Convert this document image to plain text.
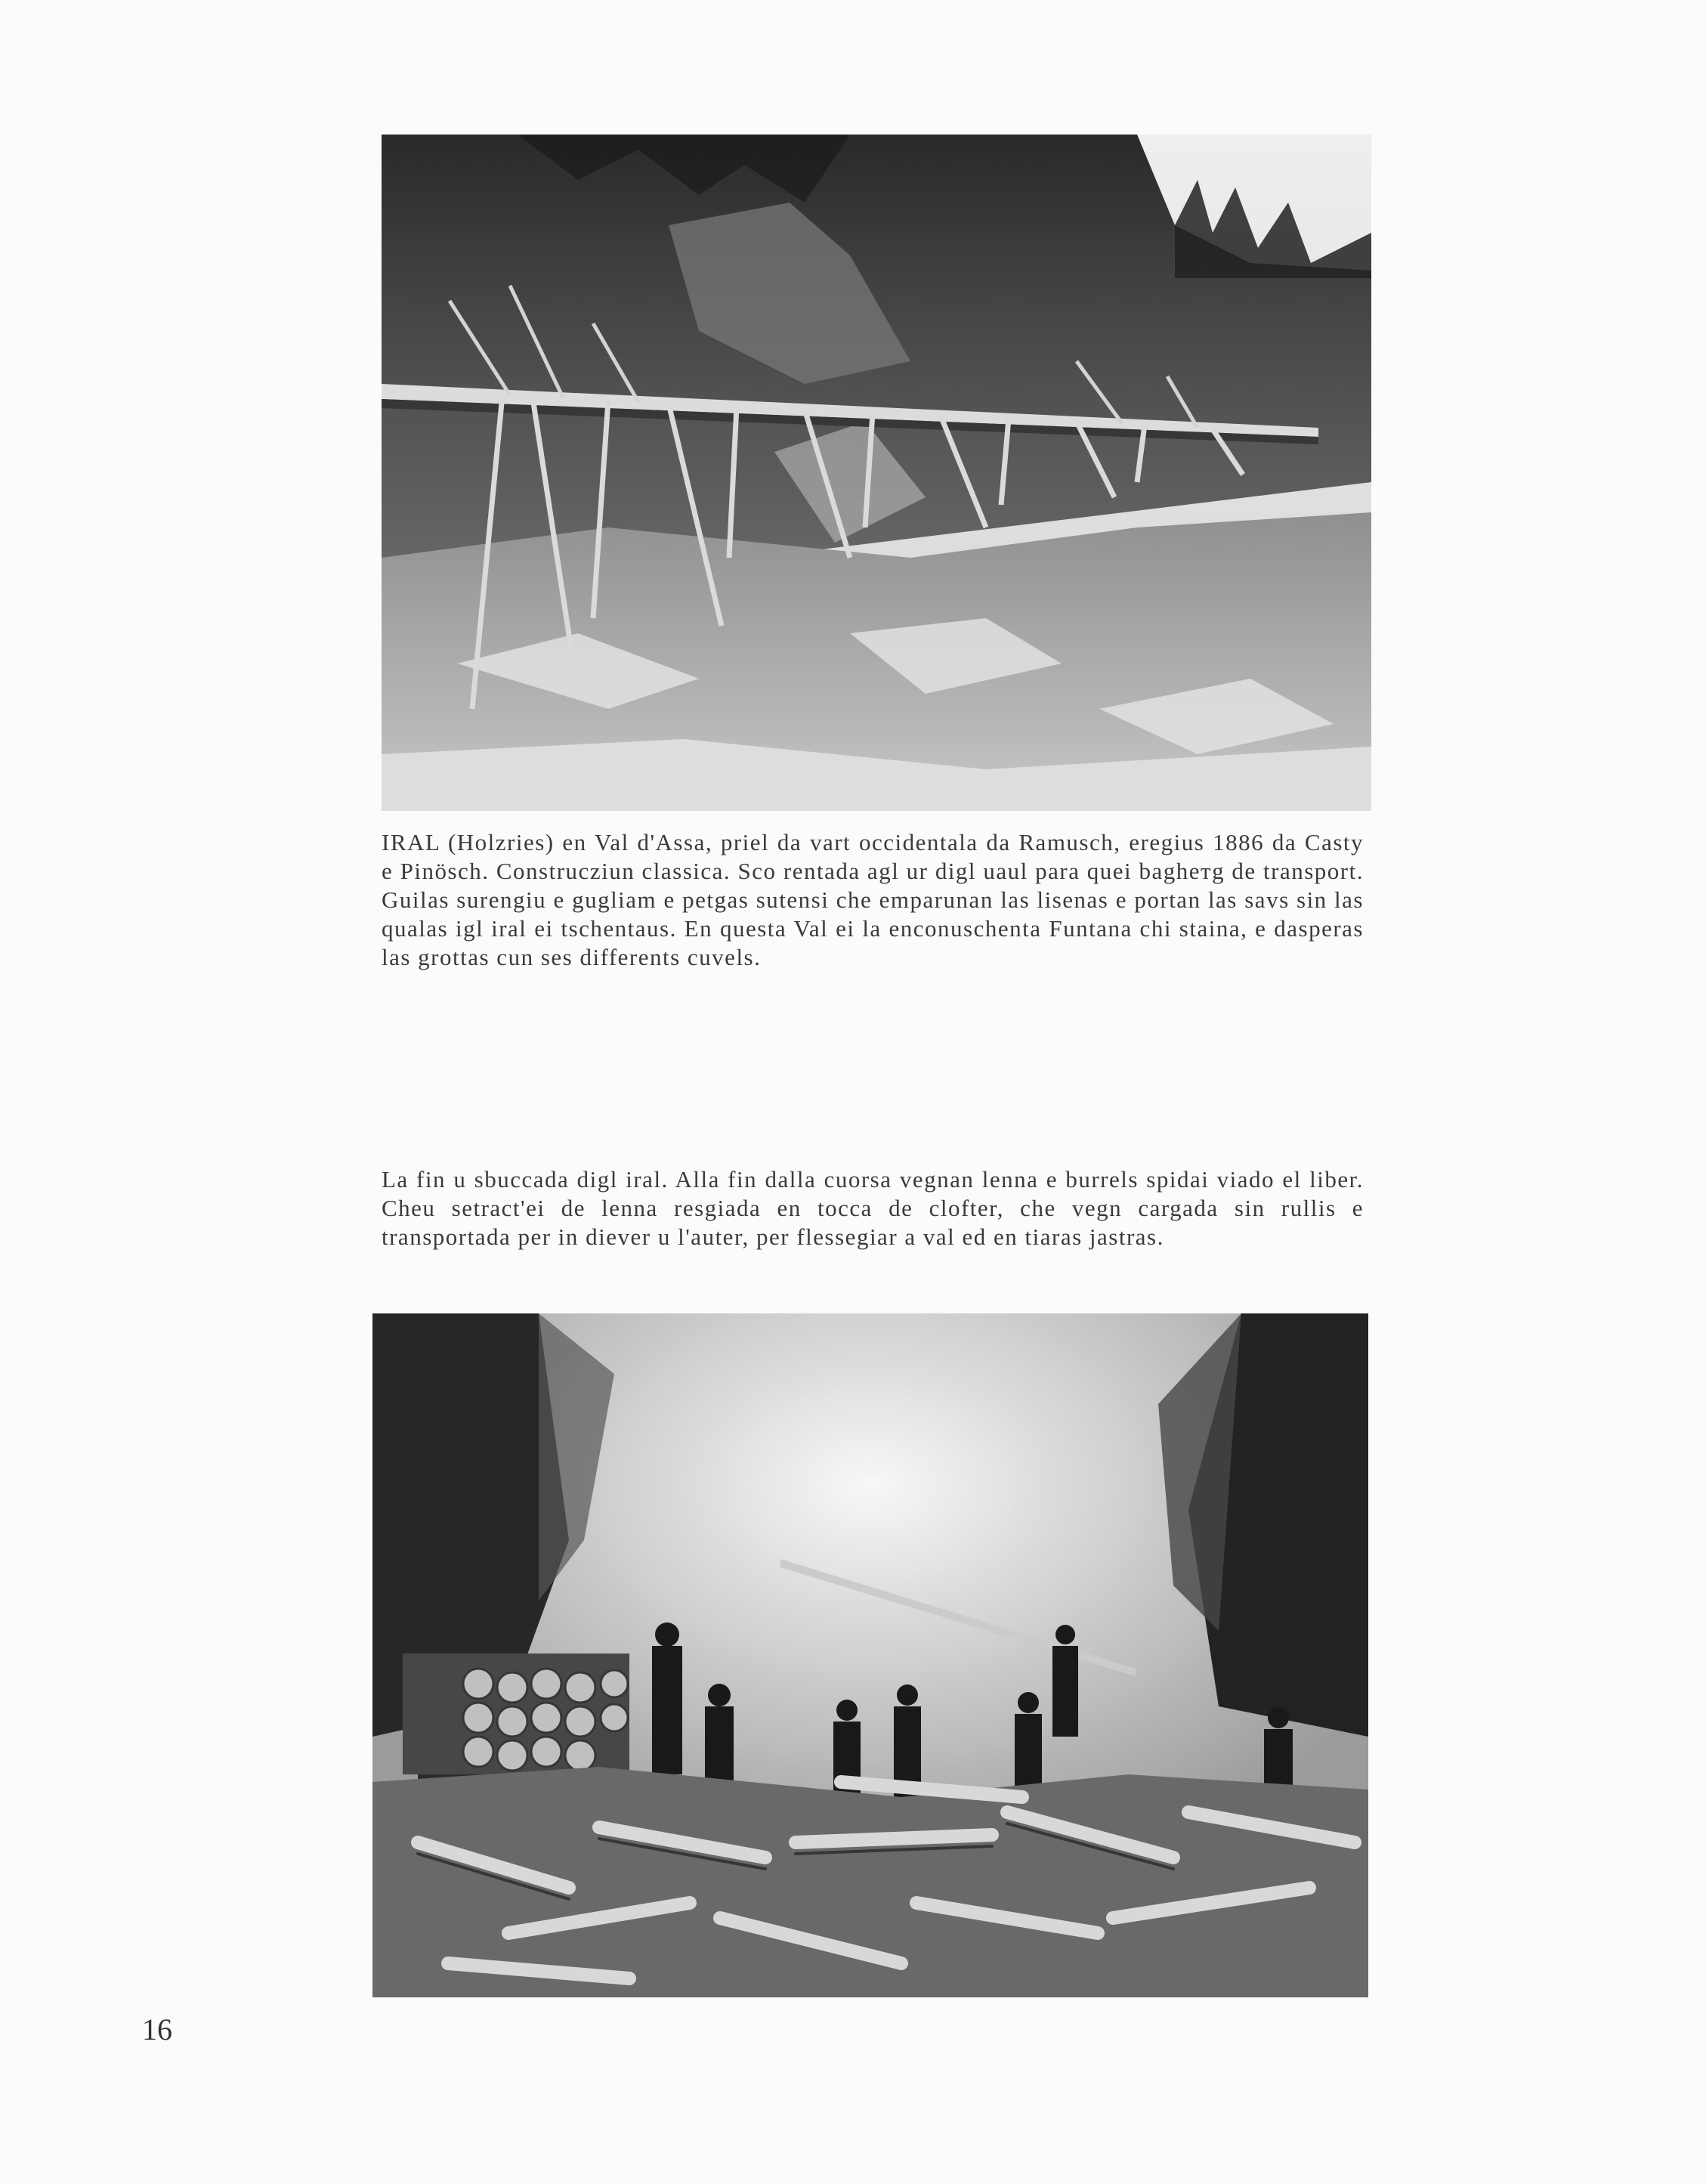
IRAL (Holzries) en Val d'Assa, priel da vart occidentala da Ramusch, eregius 1886 da Casty e Pinösch. Construcziun classica. Sco rentada agl ur digl uaul para quei bagheтg de transport. Guilas surengiu e gugliam e petgas sutensi che emparunan las lisenas e portan las savs sin las qualas igl iral ei tschentaus. En questa Val ei la enconuschenta Funtana chi staina, e dasperas las grottas cun ses differents cuvels.

La fin u sbuccada digl iral. Alla fin dalla cuorsa vegnan lenna e burrels spidai viado el liber. Cheu setract'ei de lenna resgiada en tocca de clofter, che vegn cargada sin rullis e transportada per in diever u l'auter, per flessegiar a val ed en tiaras jastras.

16
